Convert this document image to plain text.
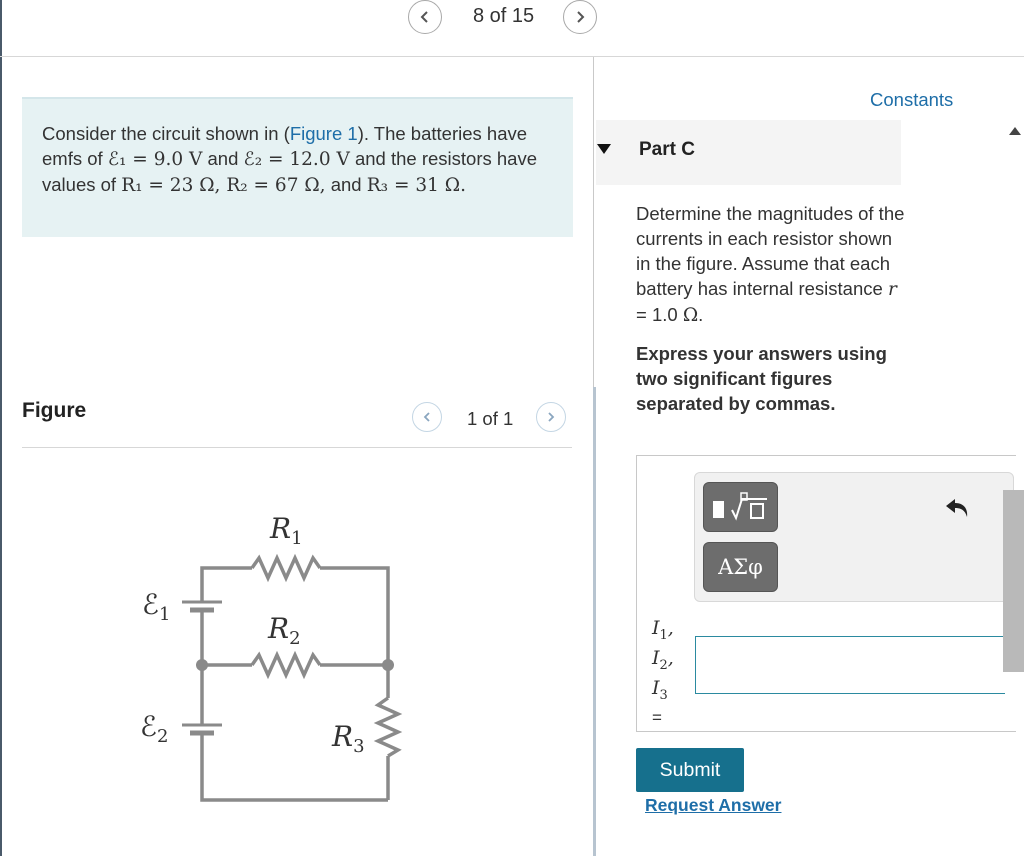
8 of 15
Consider the circuit shown in (Figure 1). The batteries have emfs of ℰ₁ = 9.0 V and ℰ₂ = 12.0 V and the resistors have values of R₁ = 23 Ω, R₂ = 67 Ω, and R₃ = 31 Ω.
Figure	1 of 1
$R_1$
$R_2$
$R_3$
ℰ$_1$
ℰ$_2$
Constants
Part C
Determine the magnitudes of the currents in each resistor shown in the figure. Assume that each battery has internal resistance r = 1.0 Ω.
Express your answers using two significant figures separated by commas.
ΑΣφ
$I_1$,
$I_2$,
$I_3$
=
Submit
Request Answer
